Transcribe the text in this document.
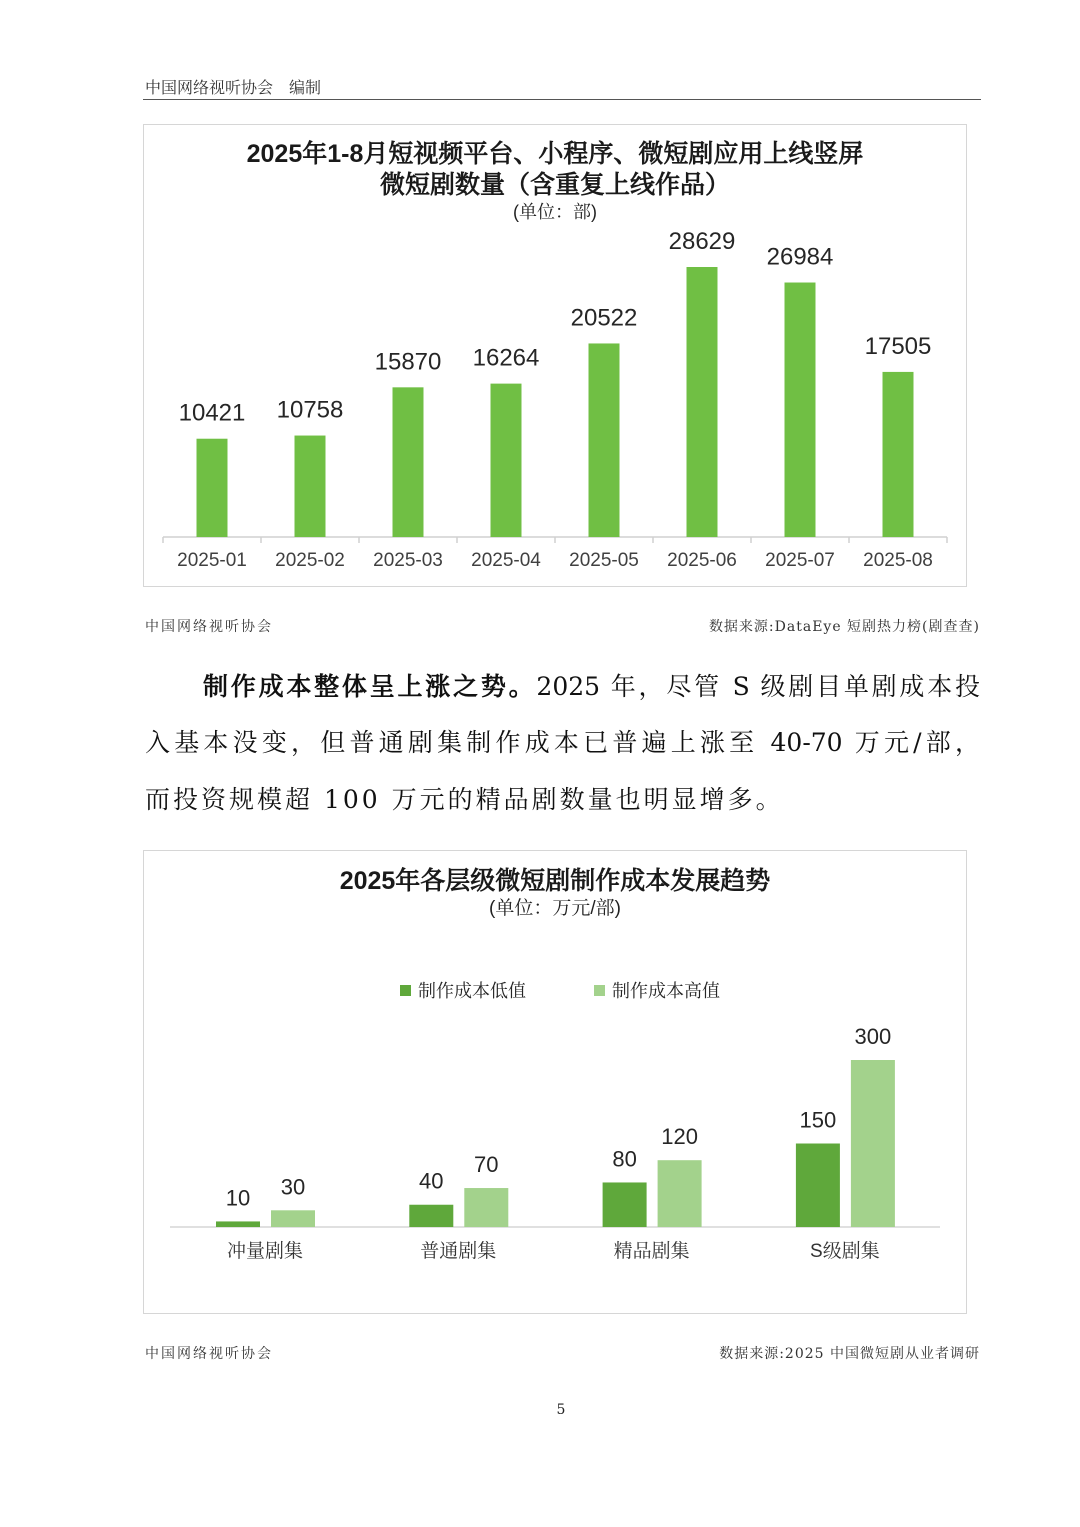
中国网络视听协会　编制
2025年1-8月短视频平台、小程序、微短剧应用上线竖屏
微短剧数量（含重复上线作品）
(单位：部)
10421
2025-01
10758
2025-02
15870
2025-03
16264
2025-04
20522
2025-05
28629
2025-06
26984
2025-07
17505
2025-08
中国网络视听协会	数据来源:DataEye 短剧热力榜(剧查查)
制作成本整体呈上涨之势。2025 年，尽管 S 级剧目单剧成本投
入基本没变，但普通剧集制作成本已普遍上涨至 40-70 万元/部，
而投资规模超 100 万元的精品剧数量也明显增多。
2025年各层级微短剧制作成本发展趋势
(单位：万元/部)
制作成本低值	制作成本高值
10 30
冲量剧集
40
70
普通剧集
80
120
精品剧集
150
300
S级剧集
中国网络视听协会	数据来源:2025 中国微短剧从业者调研
5
